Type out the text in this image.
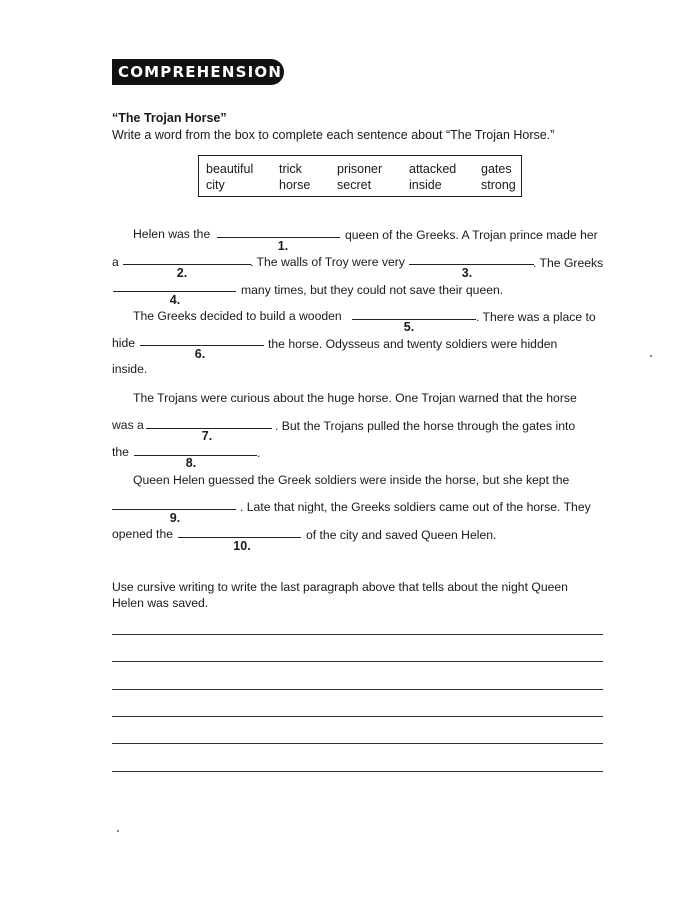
COMPREHENSION
“The Trojan Horse”
Write a word from the box to complete each sentence about “The Trojan Horse.”
beautiful trick	prisoner attacked gates
city	horse secret	inside	strong
Helen was the
1.
queen of the Greeks. A Trojan prince made her
a
2.
. The walls of Troy were very
3.
. The Greeks
4.
many times, but they could not save their queen.
The Greeks decided to build a wooden
5.
. There was a place to
hide
6.
the horse. Odysseus and twenty soldiers were hidden
inside.
The Trojans were curious about the huge horse. One Trojan warned that the horse
was a
7.
. But the Trojans pulled the horse through the gates into
the
8.
.
Queen Helen guessed the Greek soldiers were inside the horse, but she kept the
9.
. Late that night, the Greeks soldiers came out of the horse. They
opened the
10.
of the city and saved Queen Helen.
Use cursive writing to write the last paragraph above that tells about the night Queen
Helen was saved.
